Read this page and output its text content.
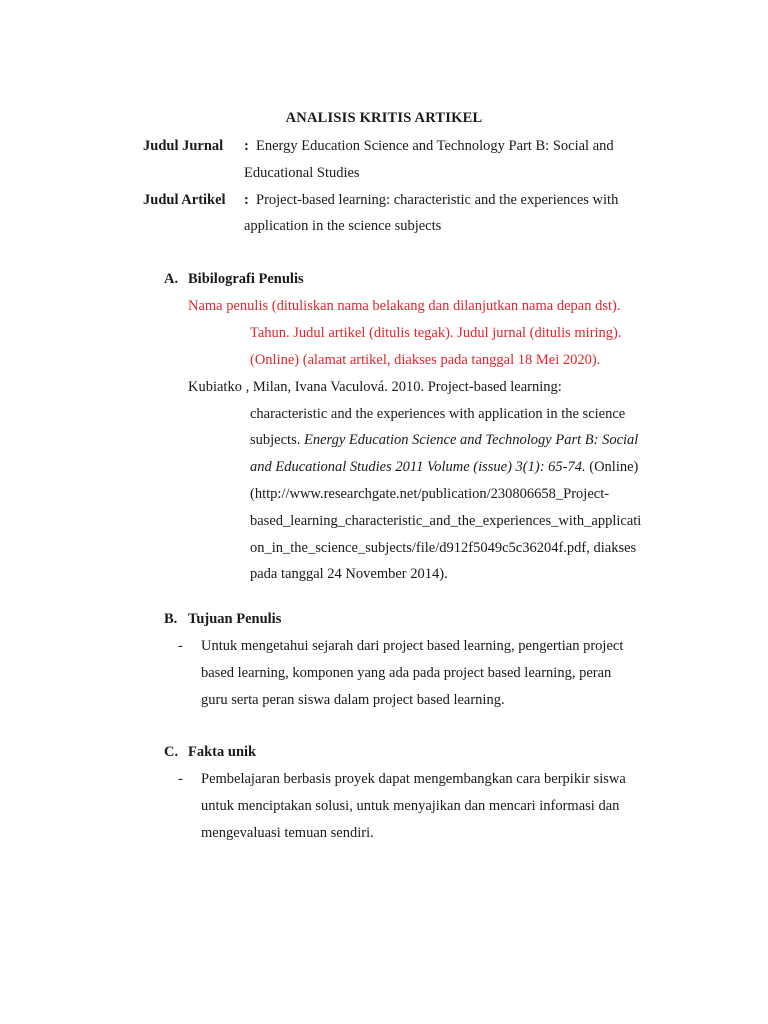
ANALISIS KRITIS ARTIKEL
Judul Jurnal : Energy Education Science and Technology Part B: Social and
Educational Studies
Judul Artikel : Project-based learning: characteristic and the experiences with
application in the science subjects
A. Bibilografi Penulis
Nama penulis (dituliskan nama belakang dan dilanjutkan nama depan dst).
Tahun. Judul artikel (ditulis tegak). Judul jurnal (ditulis miring).
(Online) (alamat artikel, diakses pada tanggal 18 Mei 2020).
Kubiatko , Milan, Ivana Vaculová. 2010. Project-based learning:
characteristic and the experiences with application in the science
subjects. Energy Education Science and Technology Part B: Social
and Educational Studies 2011 Volume (issue) 3(1): 65-74. (Online)
(http://www.researchgate.net/publication/230806658_Project-
based_learning_characteristic_and_the_experiences_with_applicati
on_in_the_science_subjects/file/d912f5049c5c36204f.pdf, diakses
pada tanggal 24 November 2014).
B. Tujuan Penulis
- Untuk mengetahui sejarah dari project based learning, pengertian project
based learning, komponen yang ada pada project based learning, peran
guru serta peran siswa dalam project based learning.
C. Fakta unik
- Pembelajaran berbasis proyek dapat mengembangkan cara berpikir siswa
untuk menciptakan solusi, untuk menyajikan dan mencari informasi dan
mengevaluasi temuan sendiri.
